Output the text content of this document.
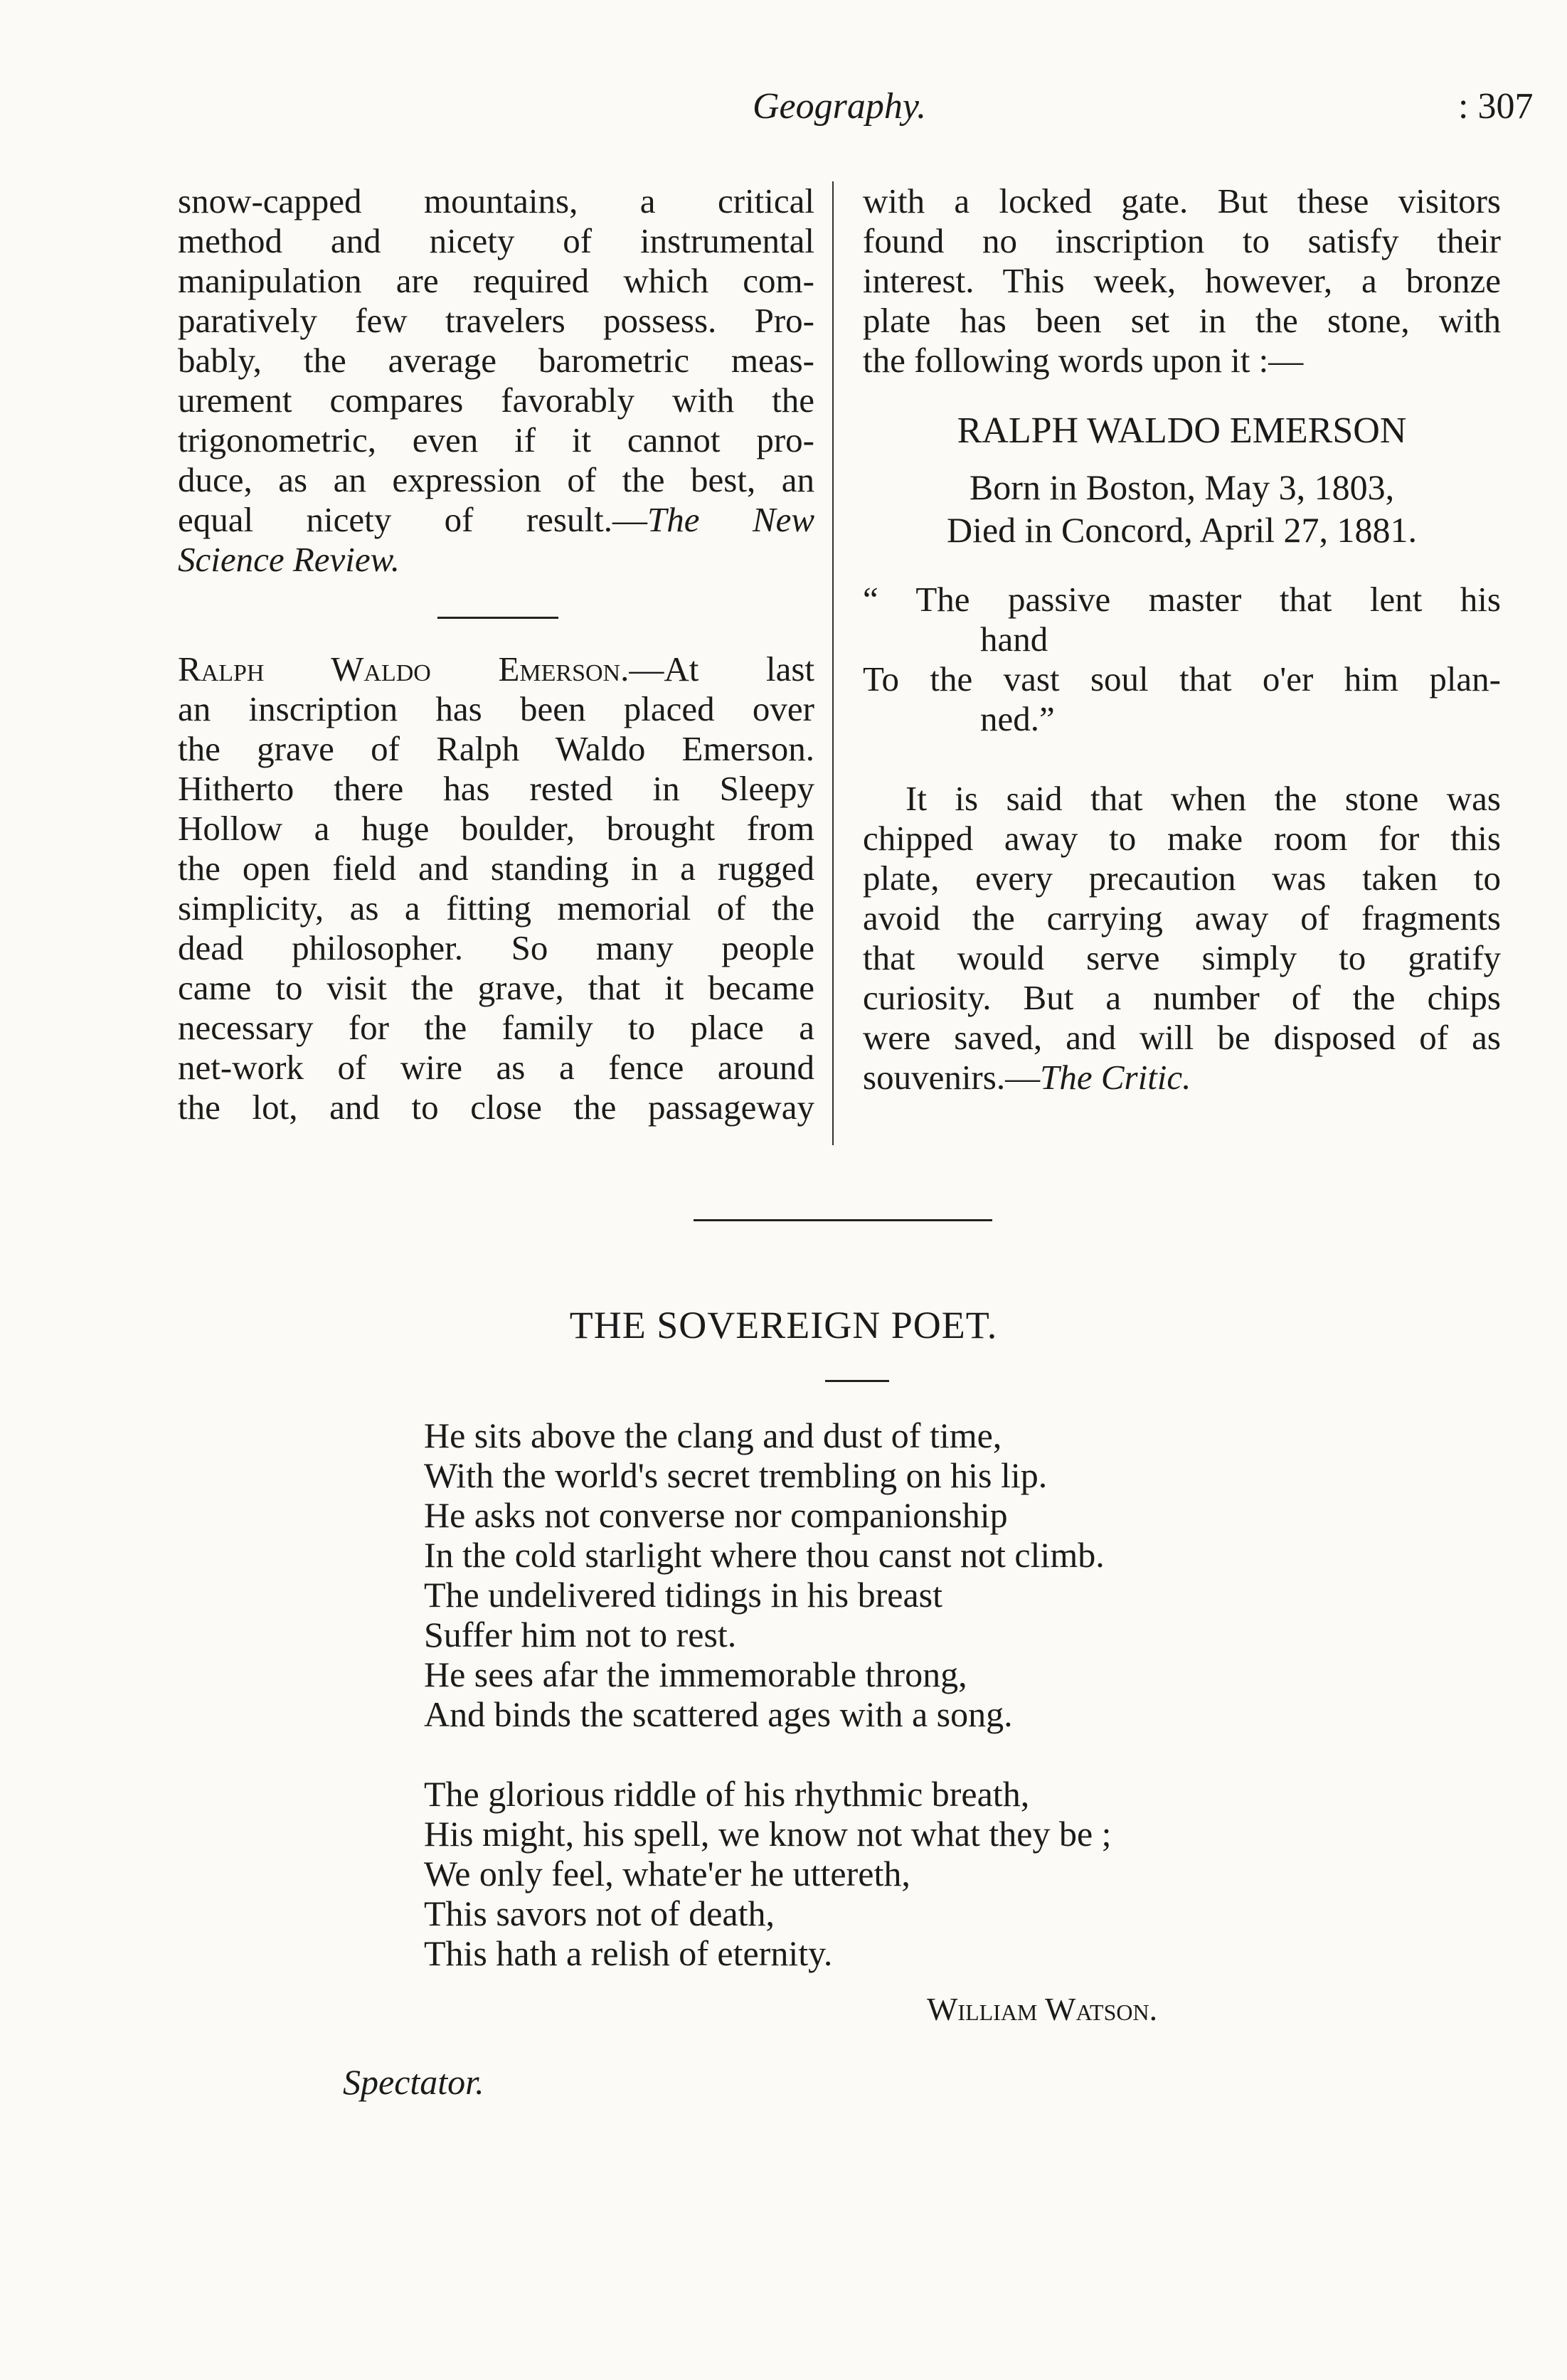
Geography.	: 307
snow-capped mountains, a critical
method and nicety of instrumental
manipulation are required which com-
paratively few travelers possess. Pro-
bably, the average barometric meas-
urement compares favorably with the
trigonometric, even if it cannot pro-
duce, as an expression of the best, an
equal nicety of result.—The New
Science Review.
Ralph Waldo Emerson.—At last
an inscription has been placed over
the grave of Ralph Waldo Emerson.
Hitherto there has rested in Sleepy
Hollow a huge boulder, brought from
the open field and standing in a rugged
simplicity, as a fitting memorial of the
dead philosopher. So many people
came to visit the grave, that it became
necessary for the family to place a
net-work of wire as a fence around
the lot, and to close the passageway
with a locked gate. But these visitors
found no inscription to satisfy their
interest. This week, however, a bronze
plate has been set in the stone, with
the following words upon it :—
RALPH WALDO EMERSON
Born in Boston, May 3, 1803,
Died in Concord, April 27, 1881.
“ The passive master that lent his
hand
To the vast soul that o'er him plan-
ned.”
It is said that when the stone was
chipped away to make room for this
plate, every precaution was taken to
avoid the carrying away of fragments
that would serve simply to gratify
curiosity. But a number of the chips
were saved, and will be disposed of as
souvenirs.—The Critic.
THE SOVEREIGN POET.
He sits above the clang and dust of time,
With the world's secret trembling on his lip.
He asks not converse nor companionship
In the cold starlight where thou canst not climb.
The undelivered tidings in his breast
Suffer him not to rest.
He sees afar the immemorable throng,
And binds the scattered ages with a song.
The glorious riddle of his rhythmic breath,
His might, his spell, we know not what they be ;
We only feel, whate'er he uttereth,
This savors not of death,
This hath a relish of eternity.
William Watson.
Spectator.
